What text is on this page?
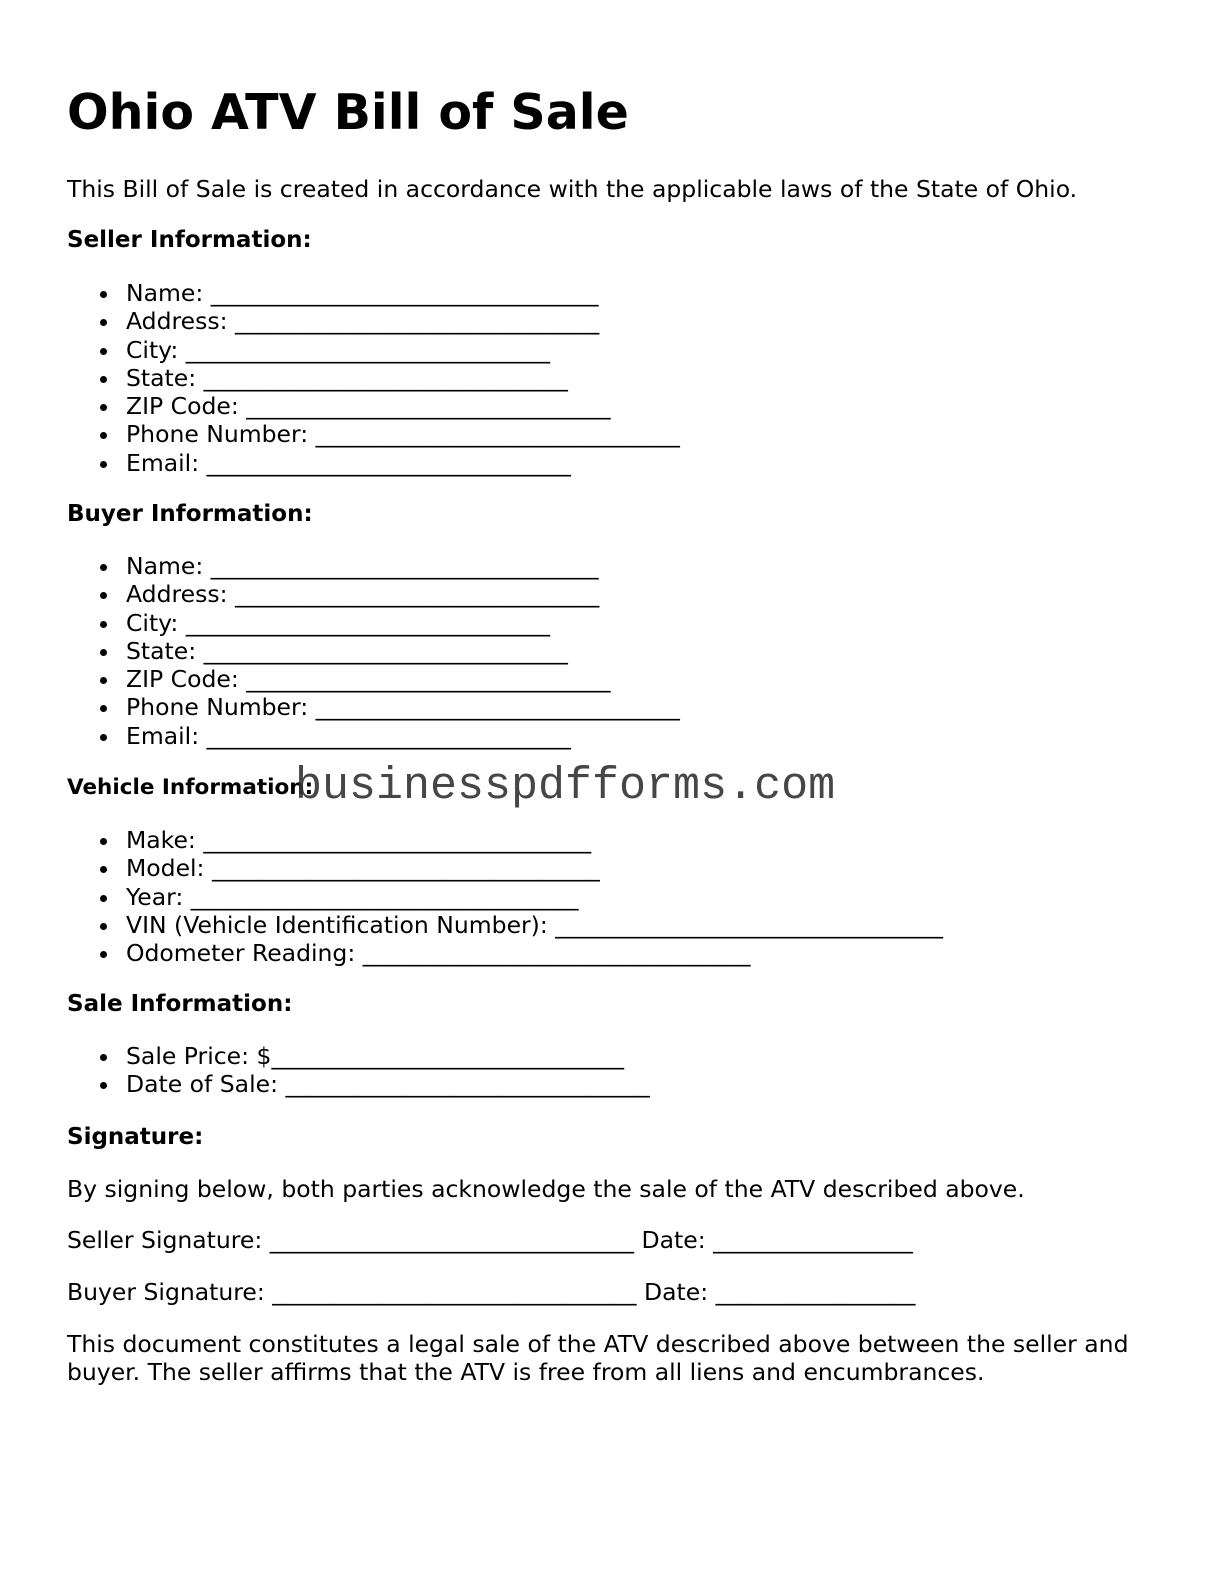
Ohio ATV Bill of Sale

This Bill of Sale is created in accordance with the applicable laws of the State of Ohio.

Seller Information:

Name: _________________________________
Address: _______________________________
City: _______________________________
State: _______________________________
ZIP Code: _______________________________
Phone Number: _______________________________
Email: _______________________________

Buyer Information:

Name: _________________________________
Address: _______________________________
City: _______________________________
State: _______________________________
ZIP Code: _______________________________
Phone Number: _______________________________
Email: _______________________________

Vehicle Information:

Make: _________________________________
Model: _________________________________
Year: _________________________________
VIN (Vehicle Identification Number): _________________________________
Odometer Reading: _________________________________

Sale Information:

Sale Price: $______________________________
Date of Sale: _______________________________

Signature:

By signing below, both parties acknowledge the sale of the ATV described above.

Seller Signature: _______________________________ Date: _________________

Buyer Signature: _______________________________ Date: _________________

This document constitutes a legal sale of the ATV described above between the seller and buyer. The seller affirms that the ATV is free from all liens and encumbrances.

businesspdfforms.com
